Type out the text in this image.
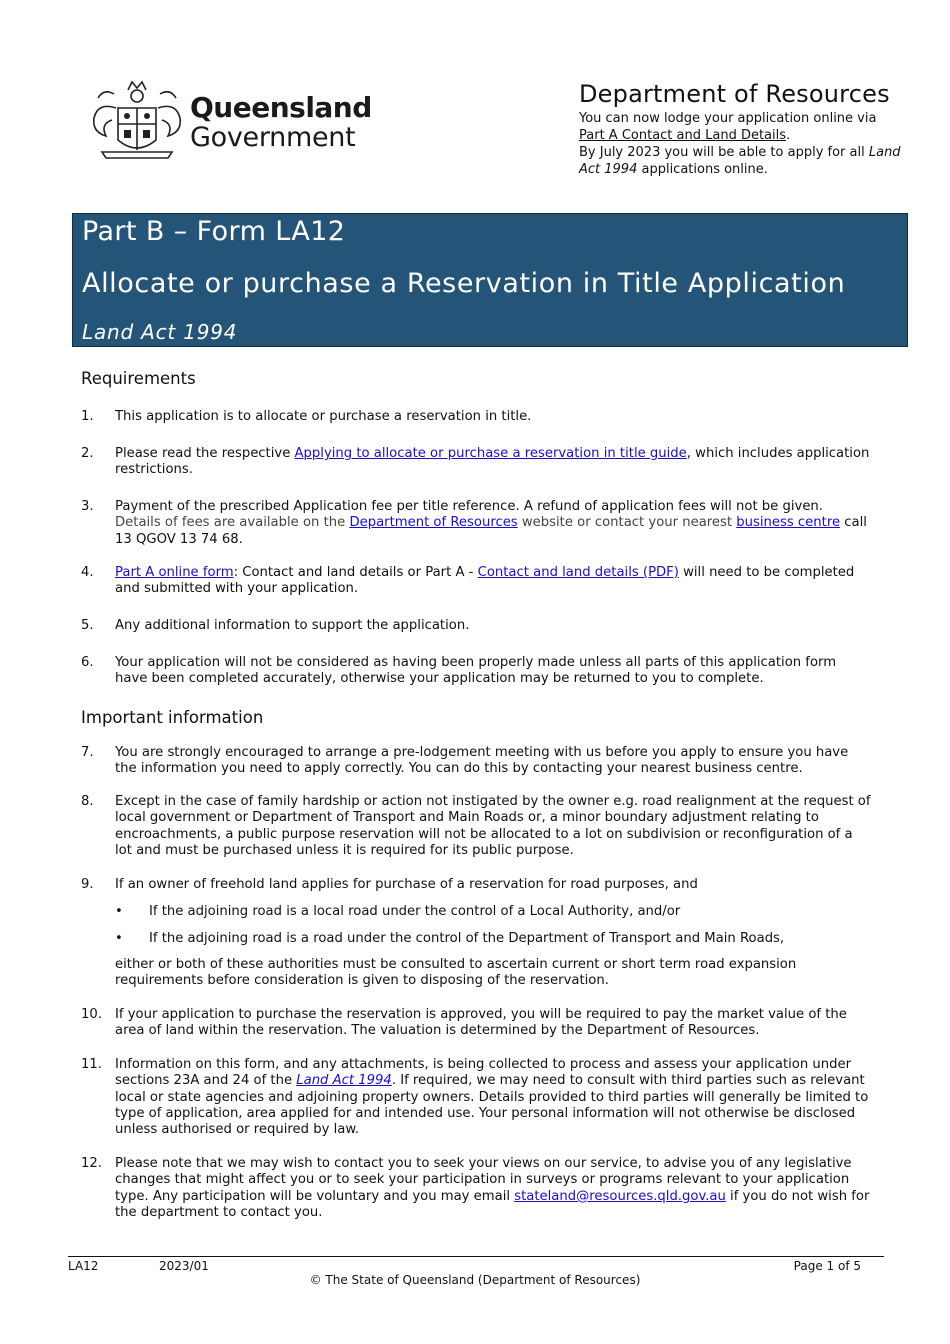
Queensland
Government
Department of Resources
You can now lodge your application online via
Part A Contact and Land Details.
By July 2023 you will be able to apply for all Land Act 1994 applications online.
Part B – Form LA12
Allocate or purchase a Reservation in Title Application
Land Act 1994
Requirements
1. This application is to allocate or purchase a reservation in title.
2. Please read the respective Applying to allocate or purchase a reservation in title guide, which includes application restrictions.
3. Payment of the prescribed Application fee per title reference. A refund of application fees will not be given. Details of fees are available on the Department of Resources website or contact your nearest business centre call 13 QGOV 13 74 68.
4. Part A online form: Contact and land details or Part A - Contact and land details (PDF) will need to be completed and submitted with your application.
5. Any additional information to support the application.
6. Your application will not be considered as having been properly made unless all parts of this application form have been completed accurately, otherwise your application may be returned to you to complete.
Important information
7. You are strongly encouraged to arrange a pre-lodgement meeting with us before you apply to ensure you have the information you need to apply correctly. You can do this by contacting your nearest business centre.
8. Except in the case of family hardship or action not instigated by the owner e.g. road realignment at the request of local government or Department of Transport and Main Roads or, a minor boundary adjustment relating to encroachments, a public purpose reservation will not be allocated to a lot on subdivision or reconfiguration of a lot and must be purchased unless it is required for its public purpose.
9. If an owner of freehold land applies for purchase of a reservation for road purposes, and
• If the adjoining road is a local road under the control of a Local Authority, and/or
• If the adjoining road is a road under the control of the Department of Transport and Main Roads,
either or both of these authorities must be consulted to ascertain current or short term road expansion requirements before consideration is given to disposing of the reservation.
10. If your application to purchase the reservation is approved, you will be required to pay the market value of the area of land within the reservation. The valuation is determined by the Department of Resources.
11. Information on this form, and any attachments, is being collected to process and assess your application under sections 23A and 24 of the Land Act 1994. If required, we may need to consult with third parties such as relevant local or state agencies and adjoining property owners. Details provided to third parties will generally be limited to type of application, area applied for and intended use. Your personal information will not otherwise be disclosed unless authorised or required by law.
12. Please note that we may wish to contact you to seek your views on our service, to advise you of any legislative changes that might affect you or to seek your participation in surveys or programs relevant to your application type. Any participation will be voluntary and you may email stateland@resources.qld.gov.au if you do not wish for the department to contact you.
LA12	2023/01	Page 1 of 5
© The State of Queensland (Department of Resources)
